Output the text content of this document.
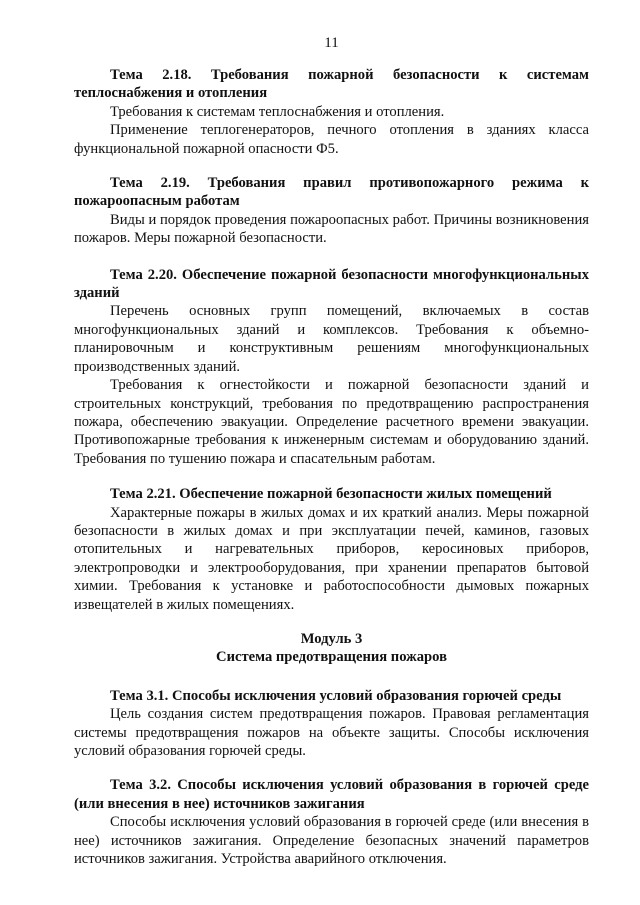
11

Тема 2.18. Требования пожарной безопасности к системам теплоснабжения и отопления

Требования к системам теплоснабжения и отопления.

Применение теплогенераторов, печного отопления в зданиях класса функциональной пожарной опасности Ф5.

Тема 2.19. Требования правил противопожарного режима к пожароопасным работам

Виды и порядок проведения пожароопасных работ. Причины возникновения пожаров. Меры пожарной безопасности.

Тема 2.20. Обеспечение пожарной безопасности многофункциональных зданий

Перечень основных групп помещений, включаемых в состав многофункциональных зданий и комплексов. Требования к объемно-планировочным и конструктивным решениям многофункциональных производственных зданий.

Требования к огнестойкости и пожарной безопасности зданий и строительных конструкций, требования по предотвращению распространения пожара, обеспечению эвакуации. Определение расчетного времени эвакуации. Противопожарные требования к инженерным системам и оборудованию зданий. Требования по тушению пожара и спасательным работам.

Тема 2.21. Обеспечение пожарной безопасности жилых помещений

Характерные пожары в жилых домах и их краткий анализ. Меры пожарной безопасности в жилых домах и при эксплуатации печей, каминов, газовых отопительных и нагревательных приборов, керосиновых приборов, электропроводки и электрооборудования, при хранении препаратов бытовой химии. Требования к установке и работоспособности дымовых пожарных извещателей в жилых помещениях.

Модуль 3
Система предотвращения пожаров

Тема 3.1. Способы исключения условий образования горючей среды

Цель создания систем предотвращения пожаров. Правовая регламентация системы предотвращения пожаров на объекте защиты. Способы исключения условий образования горючей среды.

Тема 3.2. Способы исключения условий образования в горючей среде (или внесения в нее) источников зажигания

Способы исключения условий образования в горючей среде (или внесения в нее) источников зажигания. Определение безопасных значений параметров источников зажигания. Устройства аварийного отключения.
